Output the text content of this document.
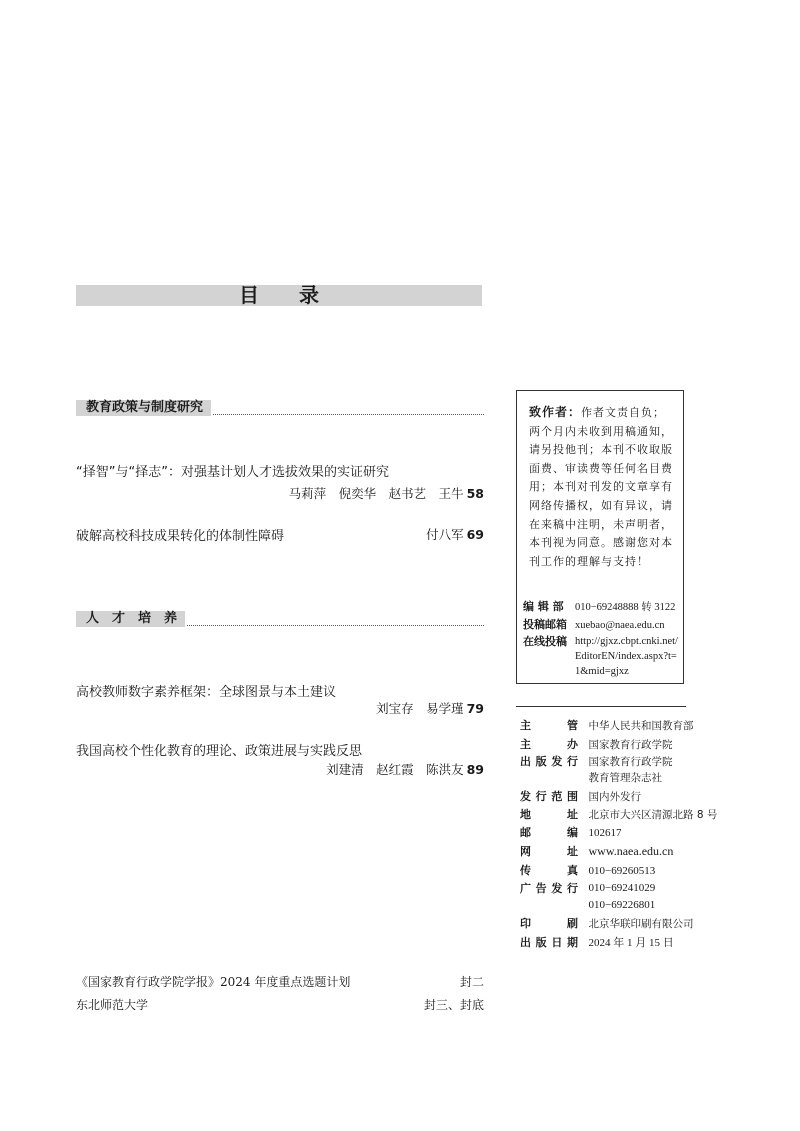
目录
教育政策与制度研究
“择智”与“择志”：对强基计划人才选拔效果的实证研究
马莉萍　倪奕华　赵书艺　王牛 58
破解高校科技成果转化的体制性障碍	付八军 69
人　才　培　养
高校教师数字素养框架：全球图景与本土建议
刘宝存　易学瑾 79
我国高校个性化教育的理论、政策进展与实践反思
刘建清　赵红霞　陈洪友 89
致作者：作者文责自负；两个月内未收到用稿通知，请另投他刊；本刊不收取版面费、审读费等任何名目费用；本刊对刊发的文章享有网络传播权，如有异议，请在来稿中注明，未声明者，本刊视为同意。感谢您对本刊工作的理解与支持！
编 辑 部 010−69248888 转 3122
投稿邮箱 xuebao@naea.edu.cn
在线投稿 http://gjxz.cbpt.cnki.net/
EditorEN/index.aspx?t=
1&mid=gjxz
主管　 中华人民共和国教育部
主办　 国家教育行政学院
出版发行　 国家教育行政学院
教育管理杂志社
发行范围　 国内外发行
地址　 北京市大兴区清源北路 8 号
邮编　 102617
网址　 www.naea.edu.cn
传真　 010−69260513
广告发行　 010−69241029
010−69226801
印刷　 北京华联印刷有限公司
出版日期　 2024 年 1 月 15 日
《国家教育行政学院学报》2024 年度重点选题计划	封二
东北师范大学	封三、封底
